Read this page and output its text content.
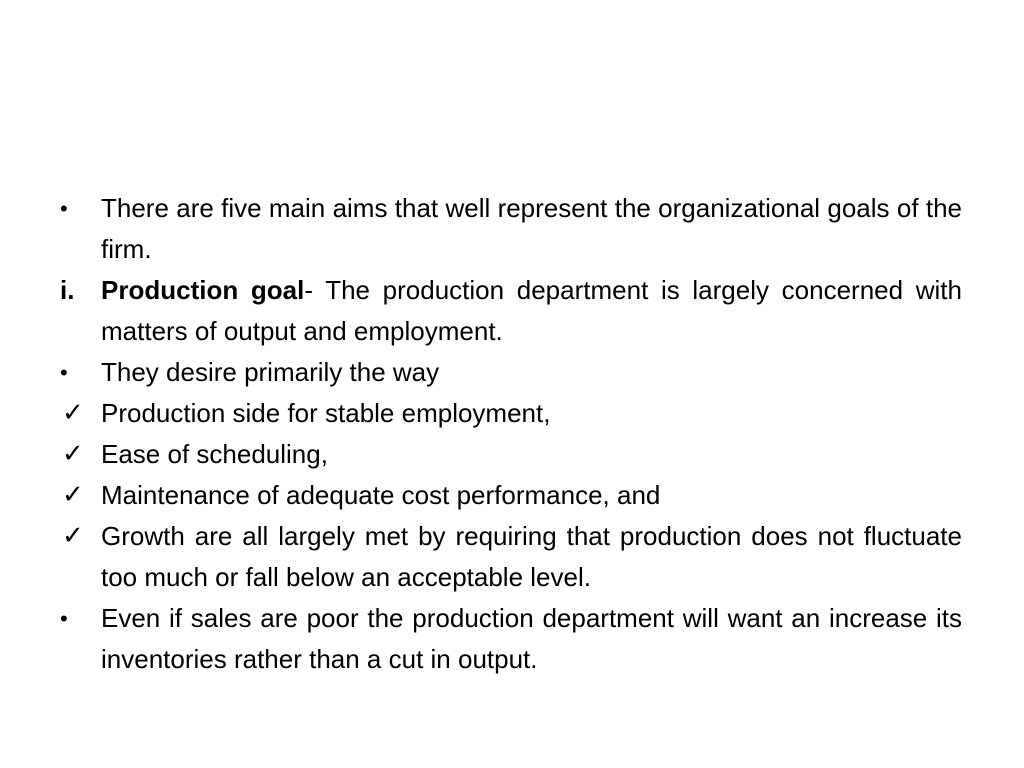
•	There are five main aims that well represent the organizational goals of the firm.

i.	Production goal- The production department is largely concerned with matters of output and employment.

•	They desire primarily the way

✓ Production side for stable employment,

✓ Ease of scheduling,

✓ Maintenance of adequate cost performance, and

✓ Growth are all largely met by requiring that production does not fluctuate too much or fall below an acceptable level.

•	Even if sales are poor the production department will want an increase its inventories rather than a cut in output.
